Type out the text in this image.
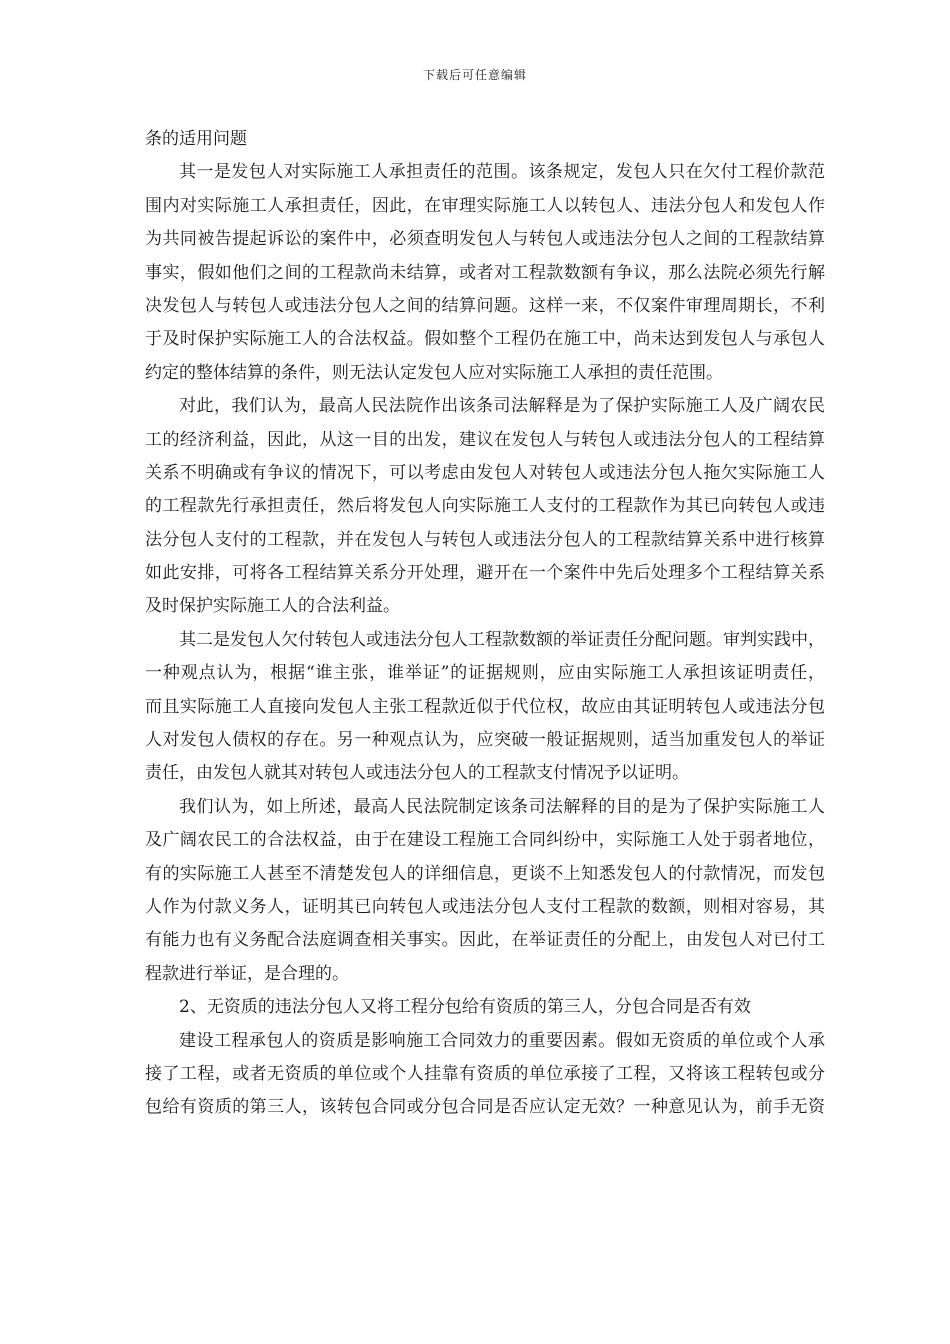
下载后可任意编辑
条的适用问题
其一是发包人对实际施工人承担责任的范围。该条规定，发包人只在欠付工程价款范
围内对实际施工人承担责任，因此，在审理实际施工人以转包人、违法分包人和发包人作
为共同被告提起诉讼的案件中，必须查明发包人与转包人或违法分包人之间的工程款结算
事实，假如他们之间的工程款尚未结算，或者对工程款数额有争议，那么法院必须先行解
决发包人与转包人或违法分包人之间的结算问题。这样一来，不仅案件审理周期长，不利
于及时保护实际施工人的合法权益。假如整个工程仍在施工中，尚未达到发包人与承包人
约定的整体结算的条件，则无法认定发包人应对实际施工人承担的责任范围。
对此，我们认为，最高人民法院作出该条司法解释是为了保护实际施工人及广阔农民
工的经济利益，因此，从这一目的出发，建议在发包人与转包人或违法分包人的工程结算
关系不明确或有争议的情况下，可以考虑由发包人对转包人或违法分包人拖欠实际施工人
的工程款先行承担责任，然后将发包人向实际施工人支付的工程款作为其已向转包人或违
法分包人支付的工程款，并在发包人与转包人或违法分包人的工程款结算关系中进行核算
如此安排，可将各工程结算关系分开处理，避开在一个案件中先后处理多个工程结算关系
及时保护实际施工人的合法利益。
其二是发包人欠付转包人或违法分包人工程款数额的举证责任分配问题。审判实践中，
一种观点认为，根据“谁主张，谁举证”的证据规则，应由实际施工人承担该证明责任，
而且实际施工人直接向发包人主张工程款近似于代位权，故应由其证明转包人或违法分包
人对发包人债权的存在。另一种观点认为，应突破一般证据规则，适当加重发包人的举证
责任，由发包人就其对转包人或违法分包人的工程款支付情况予以证明。
我们认为，如上所述，最高人民法院制定该条司法解释的目的是为了保护实际施工人
及广阔农民工的合法权益，由于在建设工程施工合同纠纷中，实际施工人处于弱者地位，
有的实际施工人甚至不清楚发包人的详细信息，更谈不上知悉发包人的付款情况，而发包
人作为付款义务人，证明其已向转包人或违法分包人支付工程款的数额，则相对容易，其
有能力也有义务配合法庭调查相关事实。因此，在举证责任的分配上，由发包人对已付工
程款进行举证，是合理的。
2、无资质的违法分包人又将工程分包给有资质的第三人，分包合同是否有效
建设工程承包人的资质是影响施工合同效力的重要因素。假如无资质的单位或个人承
接了工程，或者无资质的单位或个人挂靠有资质的单位承接了工程，又将该工程转包或分
包给有资质的第三人，该转包合同或分包合同是否应认定无效？一种意见认为，前手无资
